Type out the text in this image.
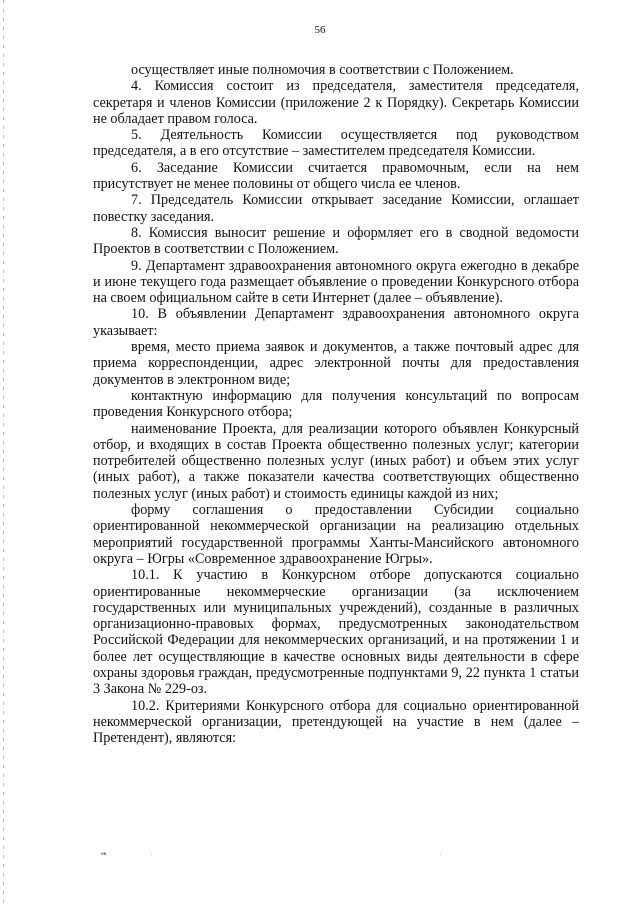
56

осуществляет иные полномочия в соответствии с Положением.

4. Комиссия состоит из председателя, заместителя председателя, секретаря и членов Комиссии (приложение 2 к Порядку). Секретарь Комиссии не обладает правом голоса.

5. Деятельность Комиссии осуществляется под руководством председателя, а в его отсутствие – заместителем председателя Комиссии.

6. Заседание Комиссии считается правомочным, если на нем присутствует не менее половины от общего числа ее членов.

7. Председатель Комиссии открывает заседание Комиссии, оглашает повестку заседания.

8. Комиссия выносит решение и оформляет его в сводной ведомости Проектов в соответствии с Положением.

9. Департамент здравоохранения автономного округа ежегодно в декабре и июне текущего года размещает объявление о проведении Конкурсного отбора на своем официальном сайте в сети Интернет (далее – объявление).

10. В объявлении Департамент здравоохранения автономного округа указывает:

время, место приема заявок и документов, а также почтовый адрес для приема корреспонденции, адрес электронной почты для предоставления документов в электронном виде;

контактную информацию для получения консультаций по вопросам проведения Конкурсного отбора;

наименование Проекта, для реализации которого объявлен Конкурсный отбор, и входящих в состав Проекта общественно полезных услуг; категории потребителей общественно полезных услуг (иных работ) и объем этих услуг (иных работ), а также показатели качества соответствующих общественно полезных услуг (иных работ) и стоимость единицы каждой из них;

форму соглашения о предоставлении Субсидии социально ориентированной некоммерческой организации на реализацию отдельных мероприятий государственной программы Ханты-Мансийского автономного округа – Югры «Современное здравоохранение Югры».

10.1. К участию в Конкурсном отборе допускаются социально ориентированные некоммерческие организации (за исключением государственных или муниципальных учреждений), созданные в различных организационно-правовых формах, предусмотренных законодательством Российской Федерации для некоммерческих организаций, и на протяжении 1 и более лет осуществляющие в качестве основных виды деятельности в сфере охраны здоровья граждан, предусмотренные подпунктами 9, 22 пункта 1 статьи 3 Закона № 229-оз.

10.2. Критериями Конкурсного отбора для социально ориентированной некоммерческой организации, претендующей на участие в нем (далее – Претендент), являются:

нв	.	.
